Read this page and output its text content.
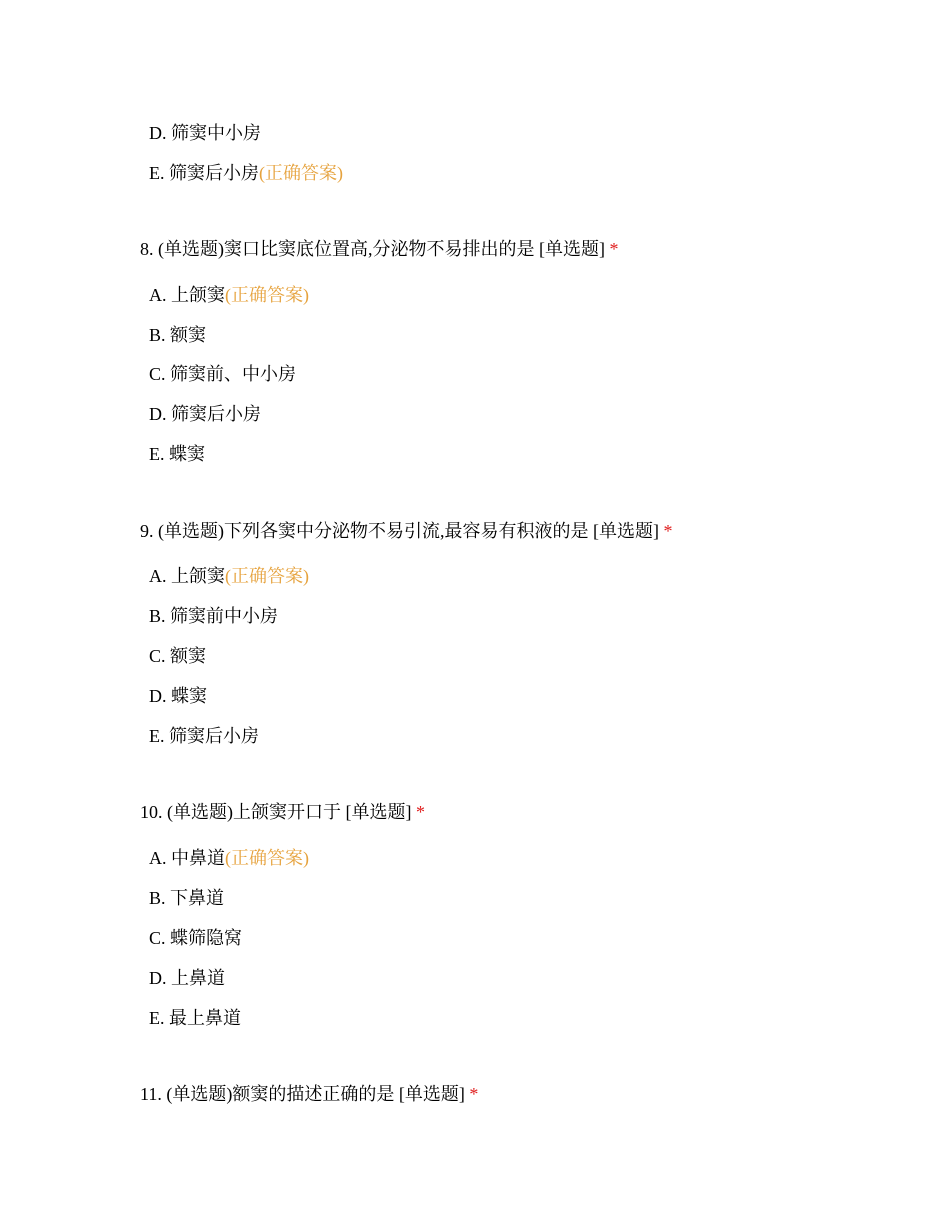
D. 筛窦中小房
E. 筛窦后小房(正确答案)
8. (单选题)窦口比窦底位置高,分泌物不易排出的是 [单选题] *
A. 上颌窦(正确答案)
B. 额窦
C. 筛窦前、中小房
D. 筛窦后小房
E. 蝶窦
9. (单选题)下列各窦中分泌物不易引流,最容易有积液的是 [单选题] *
A. 上颌窦(正确答案)
B. 筛窦前中小房
C. 额窦
D. 蝶窦
E. 筛窦后小房
10. (单选题)上颌窦开口于 [单选题] *
A. 中鼻道(正确答案)
B. 下鼻道
C. 蝶筛隐窝
D. 上鼻道
E. 最上鼻道
11. (单选题)额窦的描述正确的是 [单选题] *
